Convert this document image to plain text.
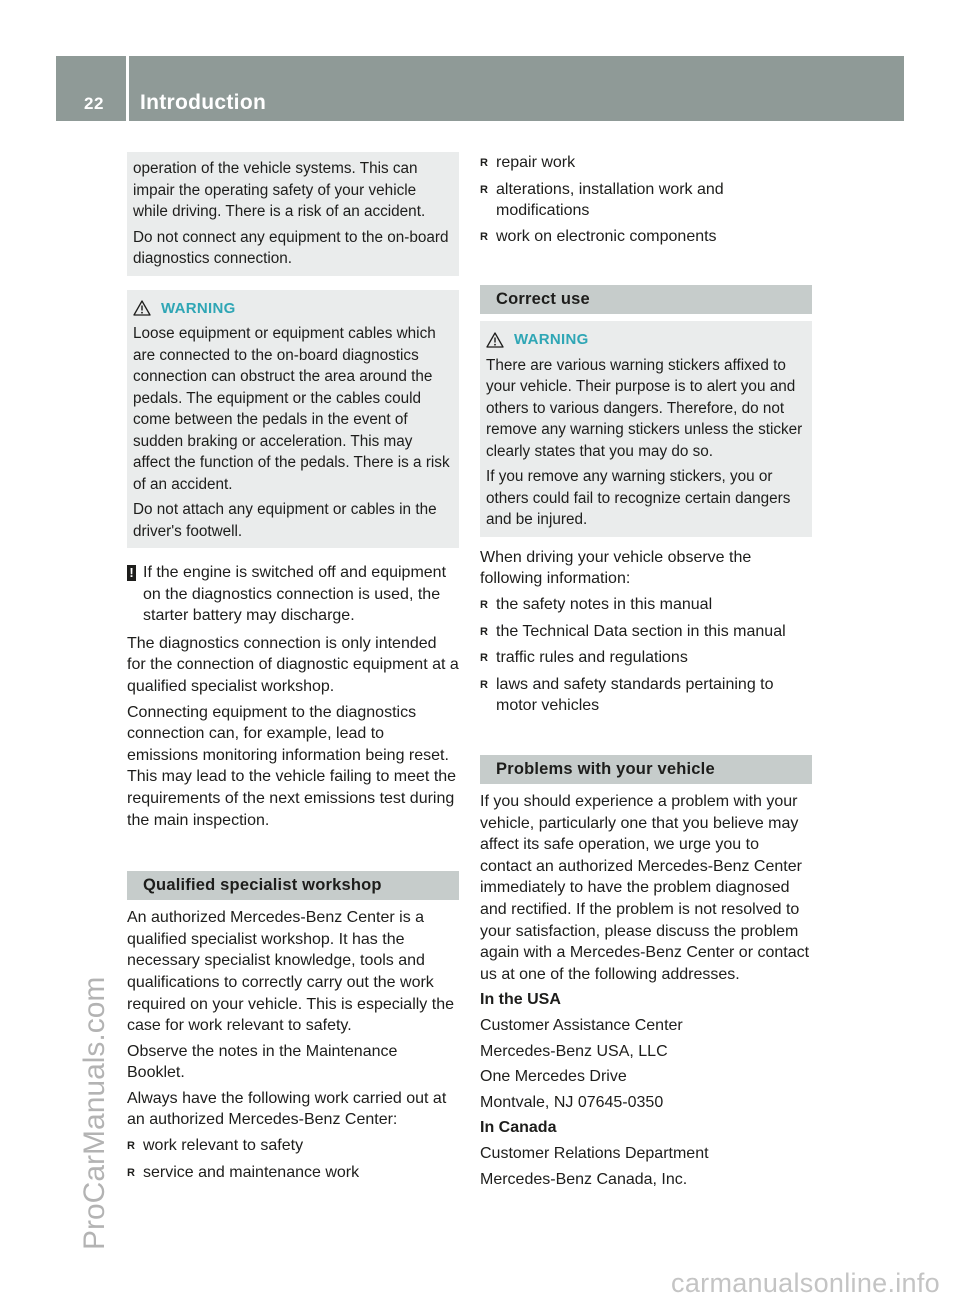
22 Introduction
ProCarManuals.com

operation of the vehicle systems. This can impair the operating safety of your vehicle while driving. There is a risk of an accident.

Do not connect any equipment to the on-board diagnostics connection.

WARNING

Loose equipment or equipment cables which are connected to the on-board diagnostics connection can obstruct the area around the pedals. The equipment or the cables could come between the pedals in the event of sudden braking or acceleration. This may affect the function of the pedals. There is a risk of an accident.

Do not attach any equipment or cables in the driver's footwell.

! If the engine is switched off and equipment on the diagnostics connection is used, the starter battery may discharge.

The diagnostics connection is only intended for the connection of diagnostic equipment at a qualified specialist workshop.

Connecting equipment to the diagnostics connection can, for example, lead to emissions monitoring information being reset. This may lead to the vehicle failing to meet the requirements of the next emissions test during the main inspection.

Qualified specialist workshop

An authorized Mercedes-Benz Center is a qualified specialist workshop. It has the necessary specialist knowledge, tools and qualifications to correctly carry out the work required on your vehicle. This is especially the case for work relevant to safety.

Observe the notes in the Maintenance Booklet.

Always have the following work carried out at an authorized Mercedes-Benz Center:

R work relevant to safety
R service and maintenance work
R repair work
R alterations, installation work and modifications
R work on electronic components
Correct use
WARNING

There are various warning stickers affixed to your vehicle. Their purpose is to alert you and others to various dangers. Therefore, do not remove any warning stickers unless the sticker clearly states that you may do so.

If you remove any warning stickers, you or others could fail to recognize certain dangers and be injured.

When driving your vehicle observe the following information:

R the safety notes in this manual
R the Technical Data section in this manual
R traffic rules and regulations
R laws and safety standards pertaining to motor vehicles
Problems with your vehicle

If you should experience a problem with your vehicle, particularly one that you believe may affect its safe operation, we urge you to contact an authorized Mercedes-Benz Center immediately to have the problem diagnosed and rectified. If the problem is not resolved to your satisfaction, please discuss the problem again with a Mercedes-Benz Center or contact us at one of the following addresses.

In the USA

Customer Assistance Center

Mercedes-Benz USA, LLC

One Mercedes Drive

Montvale, NJ 07645-0350

In Canada

Customer Relations Department

Mercedes-Benz Canada, Inc.

carmanualsonline.info
